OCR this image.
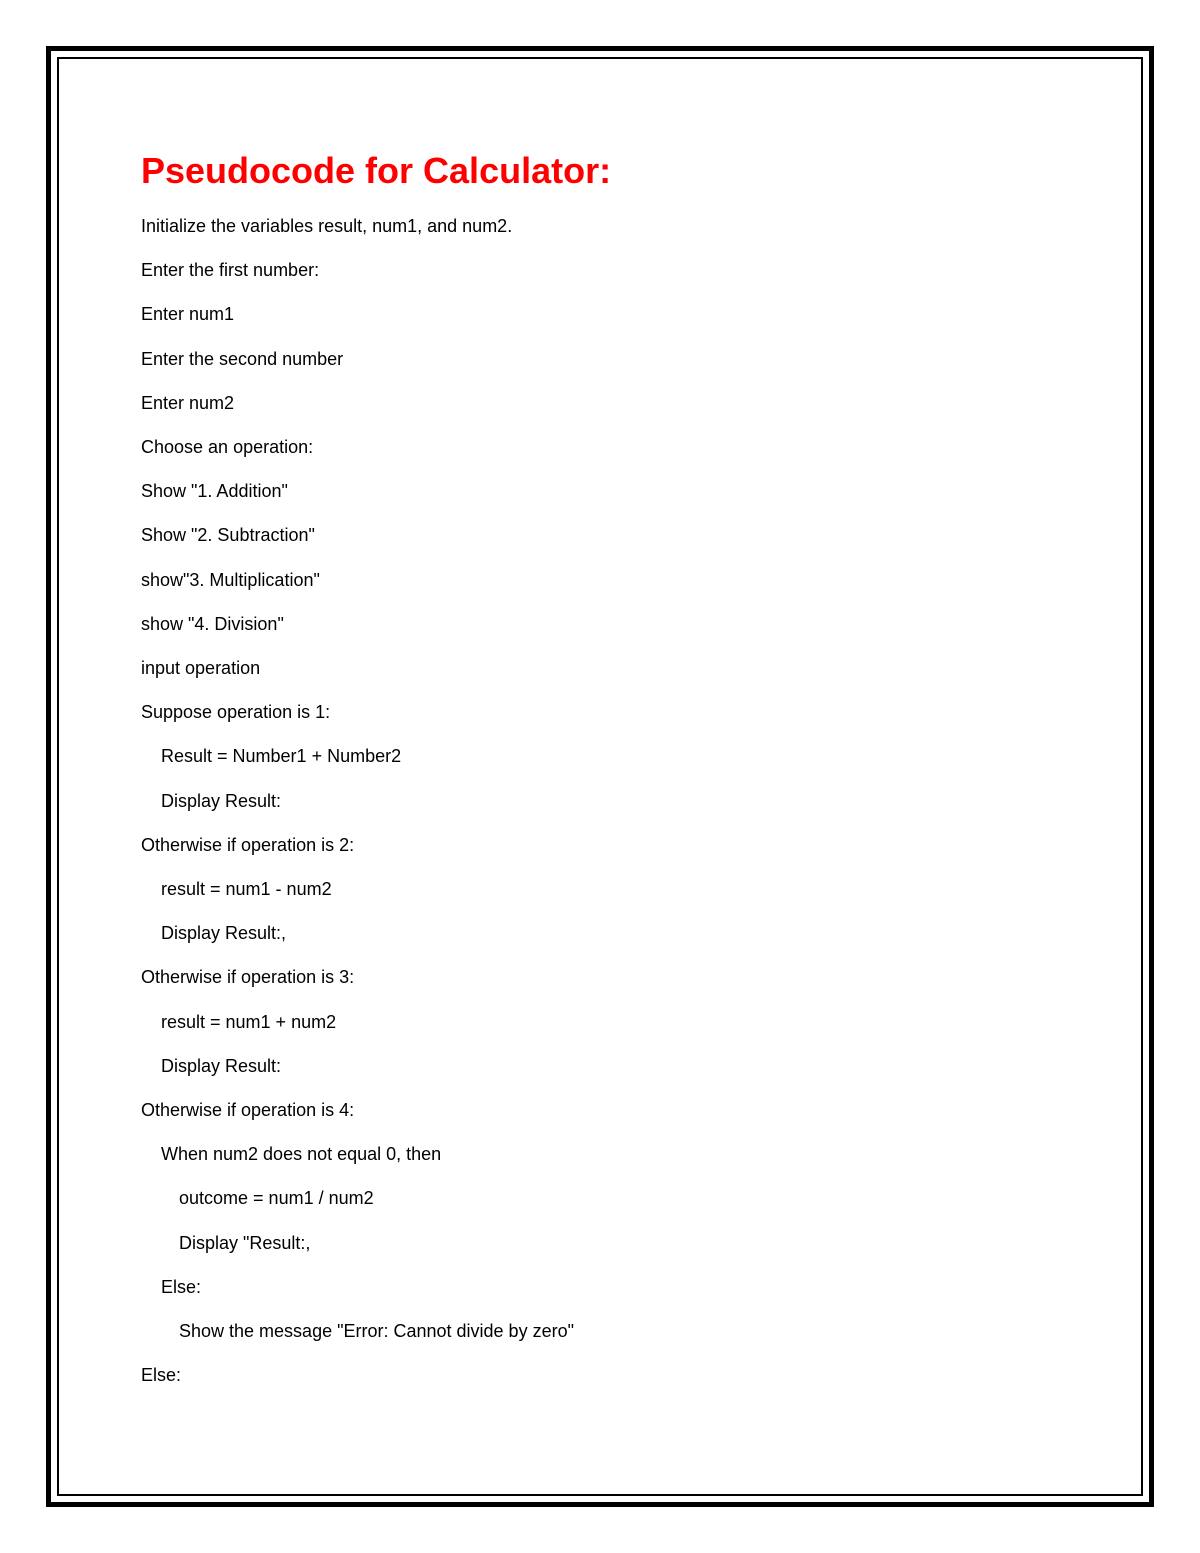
Pseudocode for Calculator:
Initialize the variables result, num1, and num2.
Enter the first number:
Enter num1
Enter the second number
Enter num2
Choose an operation:
Show "1. Addition"
Show "2. Subtraction"
show"3. Multiplication"
show "4. Division"
input operation
Suppose operation is 1:
Result = Number1 + Number2
Display Result:
Otherwise if operation is 2:
result = num1 - num2
Display Result:,
Otherwise if operation is 3:
result = num1 + num2
Display Result:
Otherwise if operation is 4:
When num2 does not equal 0, then
outcome = num1 / num2
Display "Result:,
Else:
Show the message "Error: Cannot divide by zero"
Else:
